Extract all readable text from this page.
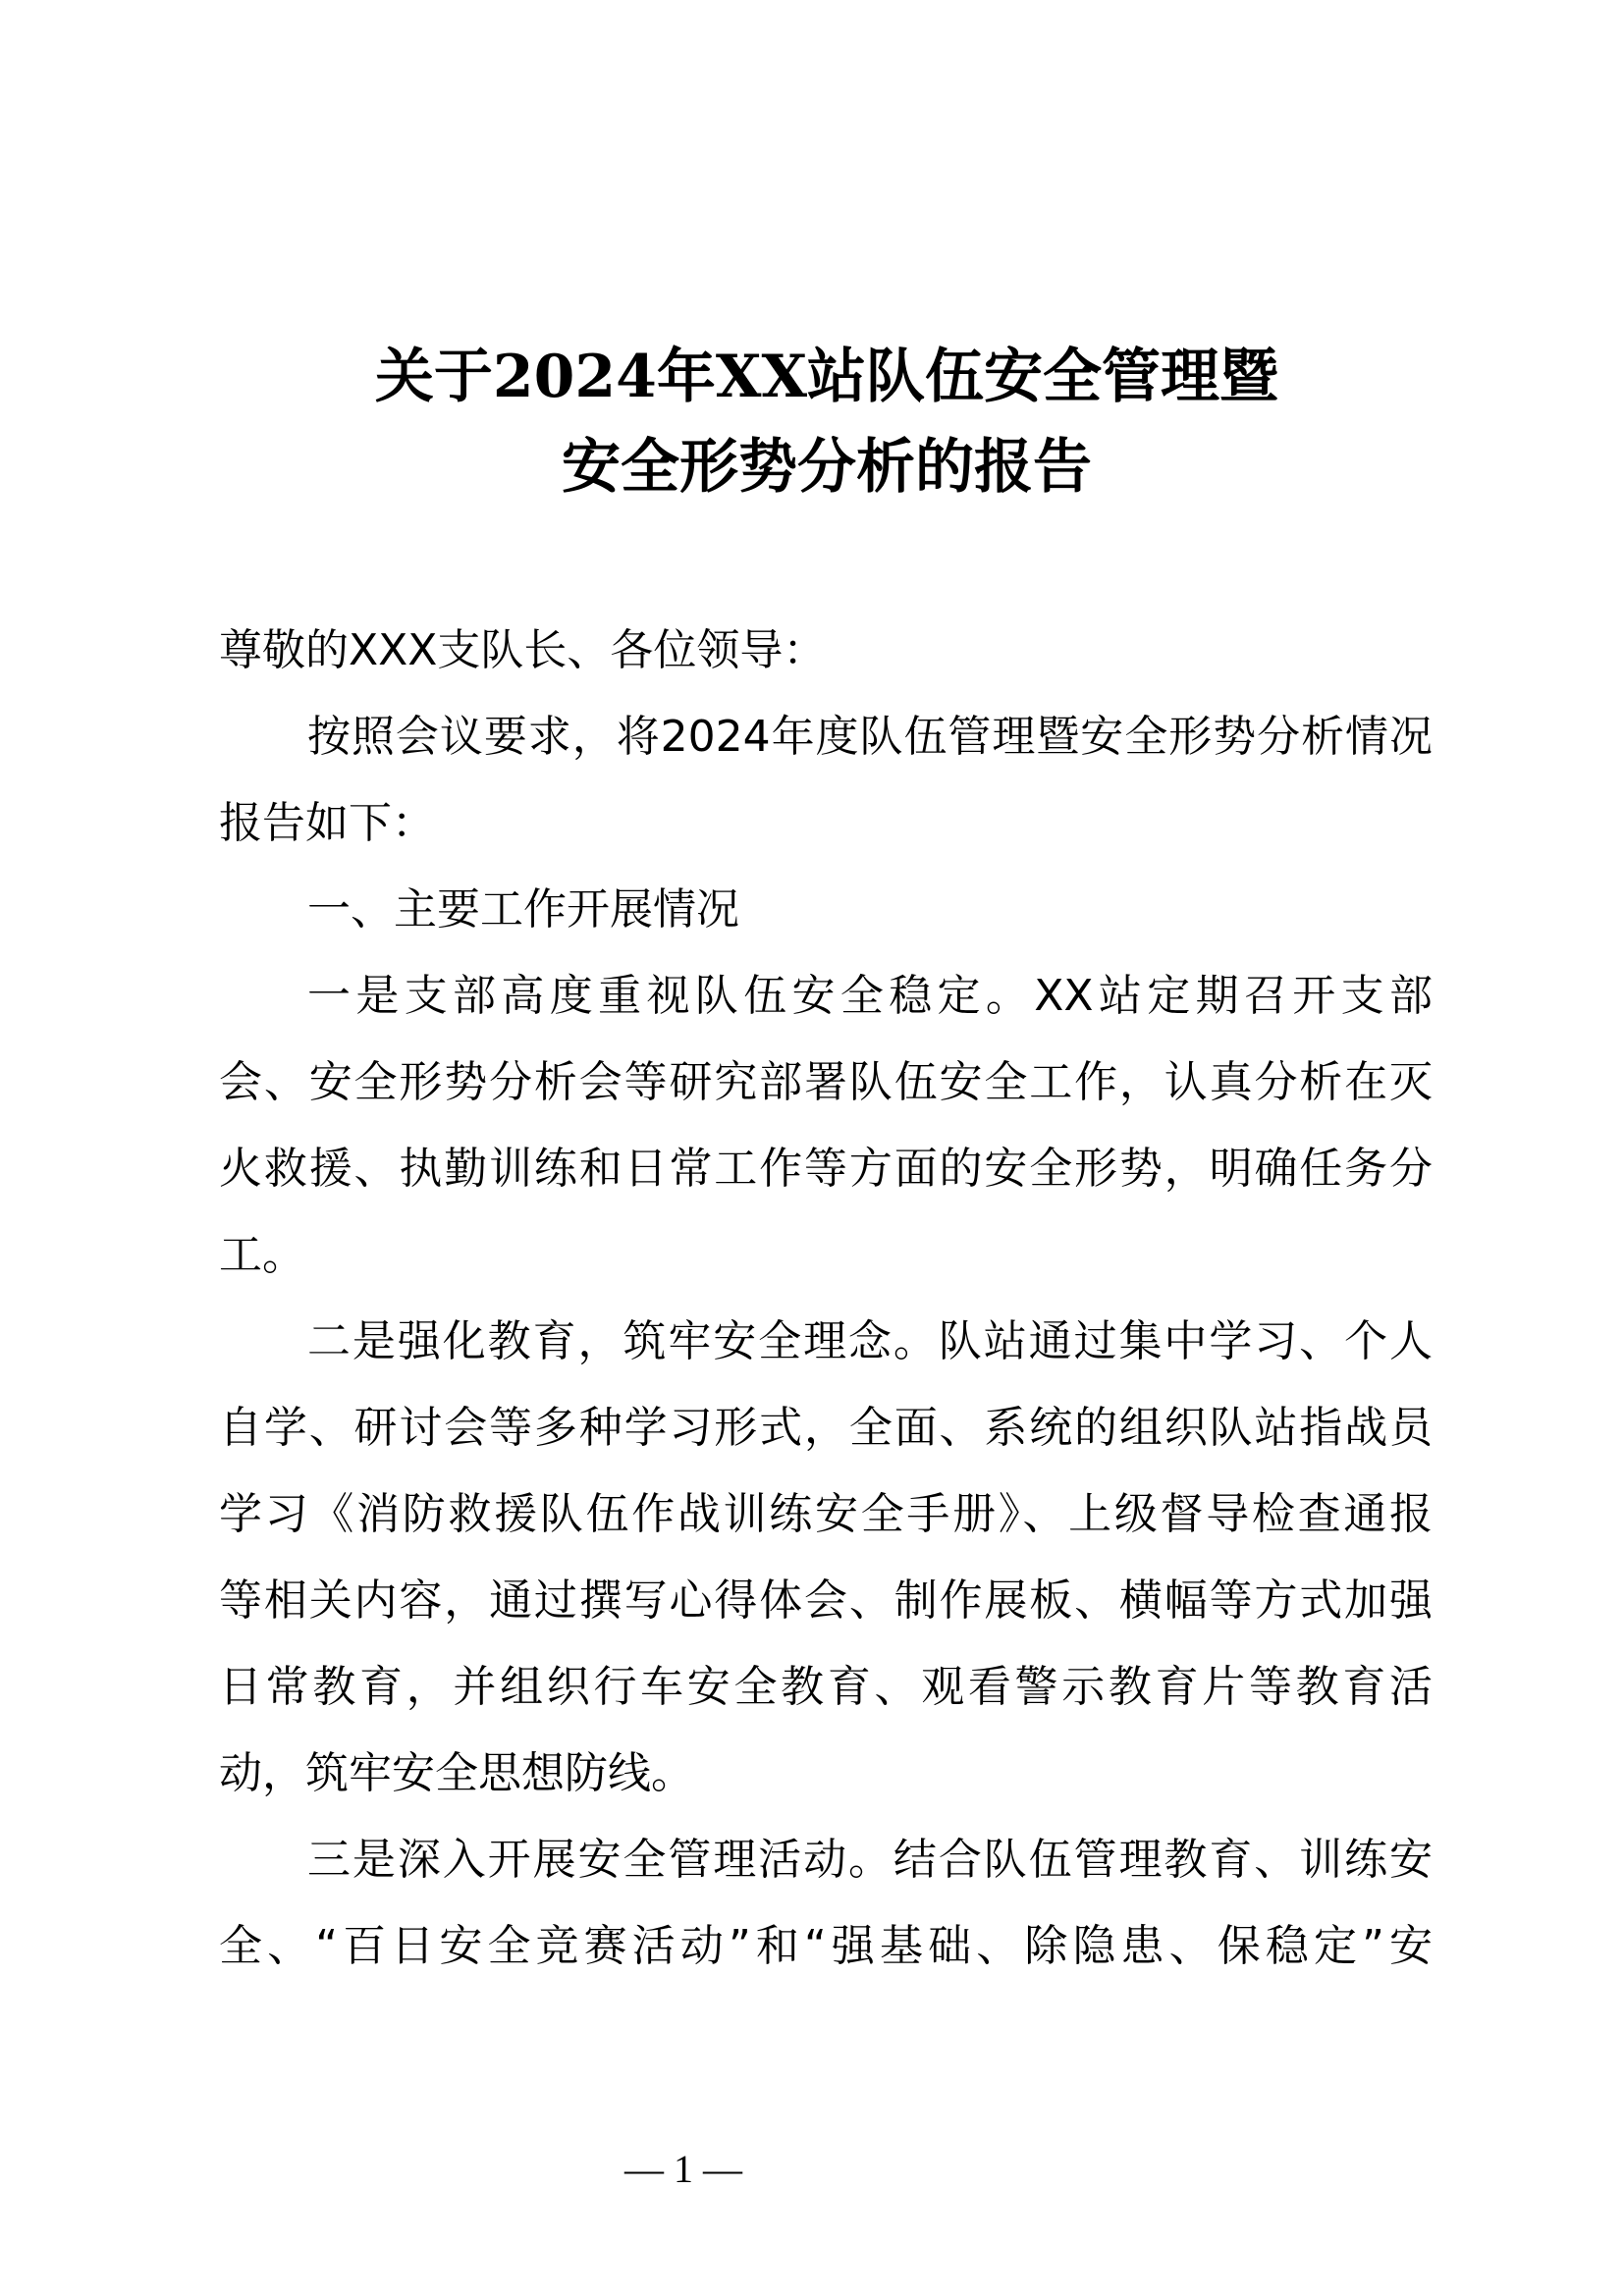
关于2024年XX站队伍安全管理暨
安全形势分析的报告
尊敬的XXX支队长、各位领导：
按照会议要求，将2024年度队伍管理暨安全形势分析情况
报告如下：
一、主要工作开展情况
一是支部高度重视队伍安全稳定。XX站定期召开支部
会、安全形势分析会等研究部署队伍安全工作，认真分析在灭
火救援、执勤训练和日常工作等方面的安全形势，明确任务分
工。
二是强化教育，筑牢安全理念。队站通过集中学习、个人
自学、研讨会等多种学习形式，全面、系统的组织队站指战员
学习《消防救援队伍作战训练安全手册》、上级督导检查通报
等相关内容，通过撰写心得体会、制作展板、横幅等方式加强
日常教育，并组织行车安全教育、观看警示教育片等教育活
动，筑牢安全思想防线。
三是深入开展安全管理活动。结合队伍管理教育、训练安
全、“百日安全竞赛活动”和“强基础、除隐患、保稳定”安
— 1 —
